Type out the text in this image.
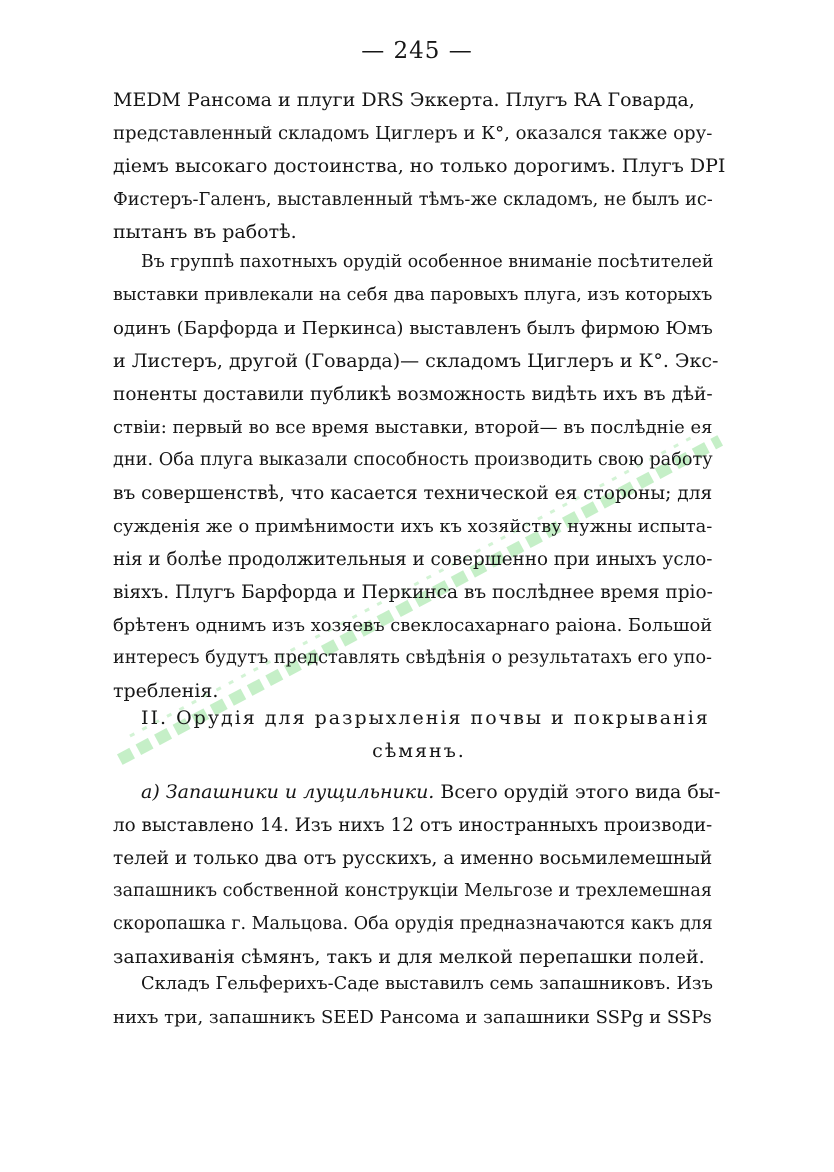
— 245 —
MEDM Рансома и плуги DRS Эккерта. Плугъ RA Говарда,
представленный складомъ Циглеръ и К°, оказался также ору-
діемъ высокаго достоинства, но только дорогимъ. Плугъ DPI
Фистеръ-Галенъ, выставленный тѣмъ-же складомъ, не былъ ис-
пытанъ въ работѣ.
Въ группѣ пахотныхъ орудій особенное вниманіе посѣтителей
выставки привлекали на себя два паровыхъ плуга, изъ которыхъ
одинъ (Барфорда и Перкинса) выставленъ былъ фирмою Юмъ
и Листеръ, другой (Говарда)— складомъ Циглеръ и К°. Экс-
поненты доставили публикѣ возможность видѣть ихъ въ дѣй-
ствіи: первый во все время выставки, второй— въ послѣдніе ея
дни. Оба плуга выказали способность производить свою работу
въ совершенствѣ, что касается технической ея стороны; для
сужденія же о примѣнимости ихъ къ хозяйству нужны испыта-
нія и болѣе продолжительныя и совершенно при иныхъ усло-
віяхъ. Плугъ Барфорда и Перкинса въ послѣднее время пріо-
брѣтенъ однимъ изъ хозяевъ свеклосахарнаго раіона. Большой
интересъ будутъ представлять свѣдѣнія о результатахъ его упо-
требленія.
II. Орудія для разрыхленія почвы и покрыванія
сѣмянъ.
а) Запашники и лущильники. Всего орудій этого вида бы-
ло выставлено 14. Изъ нихъ 12 отъ иностранныхъ производи-
телей и только два отъ русскихъ, а именно восьмилемешный
запашникъ собственной конструкціи Мельгозе и трехлемешная
скоропашка г. Мальцова. Оба орудія предназначаются какъ для
запахиванія сѣмянъ, такъ и для мелкой перепашки полей.
Складъ Гельферихъ-Саде выставилъ семь запашниковъ. Изъ
нихъ три, запашникъ SEED Рансома и запашники SSPg и SSPs
